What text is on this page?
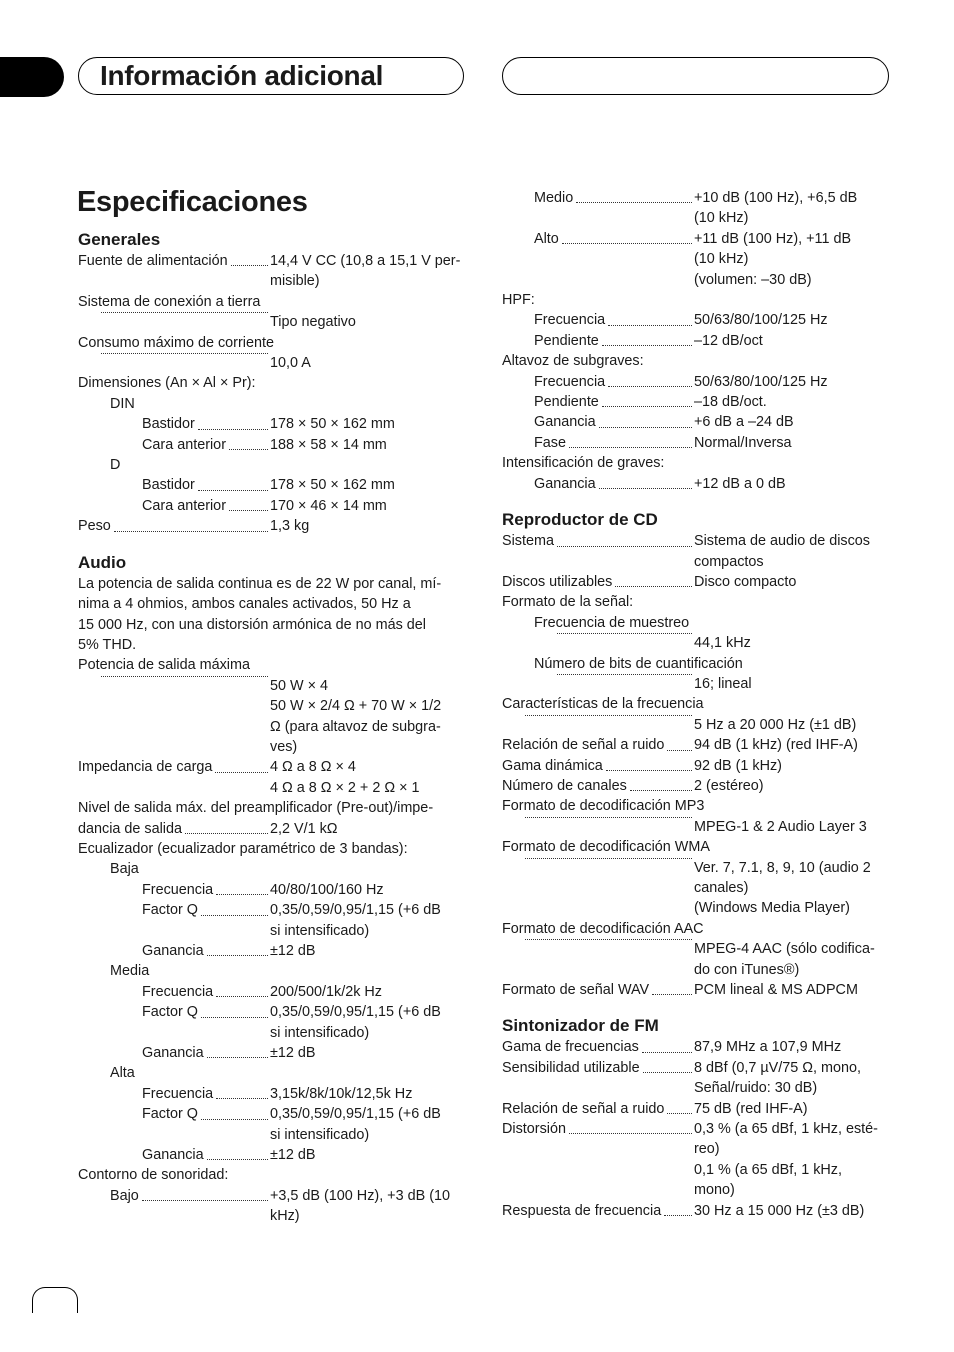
Información adicional
Especificaciones
Generales
Fuente de alimentación	14,4 V CC (10,8 a 15,1 V per-
misible)
Sistema de conexión a tierra
Tipo negativo
Consumo máximo de corriente
10,0 A
Dimensiones (An × Al × Pr):
DIN
Bastidor	178 × 50 × 162 mm
Cara anterior	188 × 58 × 14 mm
D
Bastidor	178 × 50 × 162 mm
Cara anterior	170 × 46 × 14 mm
Peso	1,3 kg
Audio
La potencia de salida continua es de 22 W por canal, mí-
nima a 4 ohmios, ambos canales activados, 50 Hz a
15 000 Hz, con una distorsión armónica de no más del
5% THD.
Potencia de salida máxima
50 W × 4
50 W × 2/4 Ω + 70 W × 1/2
Ω (para altavoz de subgra-
ves)
Impedancia de carga	4 Ω a 8 Ω × 4
4 Ω a 8 Ω × 2 + 2 Ω × 1
Nivel de salida máx. del preamplificador (Pre-out)/impe-
dancia de salida	2,2 V/1 kΩ
Ecualizador (ecualizador paramétrico de 3 bandas):
Baja
Frecuencia	40/80/100/160 Hz
Factor Q	0,35/0,59/0,95/1,15 (+6 dB
si intensificado)
Ganancia	±12 dB
Media
Frecuencia	200/500/1k/2k Hz
Factor Q	0,35/0,59/0,95/1,15 (+6 dB
si intensificado)
Ganancia	±12 dB
Alta
Frecuencia	3,15k/8k/10k/12,5k Hz
Factor Q	0,35/0,59/0,95/1,15 (+6 dB
si intensificado)
Ganancia	±12 dB
Contorno de sonoridad:
Bajo	+3,5 dB (100 Hz), +3 dB (10
kHz)
Medio	+10 dB (100 Hz), +6,5 dB
(10 kHz)
Alto	+11 dB (100 Hz), +11 dB
(10 kHz)
(volumen: –30 dB)
HPF:
Frecuencia	50/63/80/100/125 Hz
Pendiente	–12 dB/oct
Altavoz de subgraves:
Frecuencia	50/63/80/100/125 Hz
Pendiente	–18 dB/oct.
Ganancia	+6 dB a –24 dB
Fase	Normal/Inversa
Intensificación de graves:
Ganancia	+12 dB a 0 dB
Reproductor de CD
Sistema	Sistema de audio de discos
compactos
Discos utilizables	Disco compacto
Formato de la señal:
Frecuencia de muestreo
44,1 kHz
Número de bits de cuantificación
16; lineal
Características de la frecuencia
5 Hz a 20 000 Hz (±1 dB)
Relación de señal a ruido 94 dB (1 kHz) (red IHF-A)
Gama dinámica	92 dB (1 kHz)
Número de canales	2 (estéreo)
Formato de decodificación MP3
MPEG-1 & 2 Audio Layer 3
Formato de decodificación WMA
Ver. 7, 7.1, 8, 9, 10 (audio 2
canales)
(Windows Media Player)
Formato de decodificación AAC
MPEG-4 AAC (sólo codifica-
do con iTunes®)
Formato de señal WAV	PCM lineal & MS ADPCM
Sintonizador de FM
Gama de frecuencias	87,9 MHz a 107,9 MHz
Sensibilidad utilizable	8 dBf (0,7 µV/75 Ω, mono,
Señal/ruido: 30 dB)
Relación de señal a ruido 75 dB (red IHF-A)
Distorsión	0,3 % (a 65 dBf, 1 kHz, esté-
reo)
0,1 % (a 65 dBf, 1 kHz,
mono)
Respuesta de frecuencia 30 Hz a 15 000 Hz (±3 dB)
